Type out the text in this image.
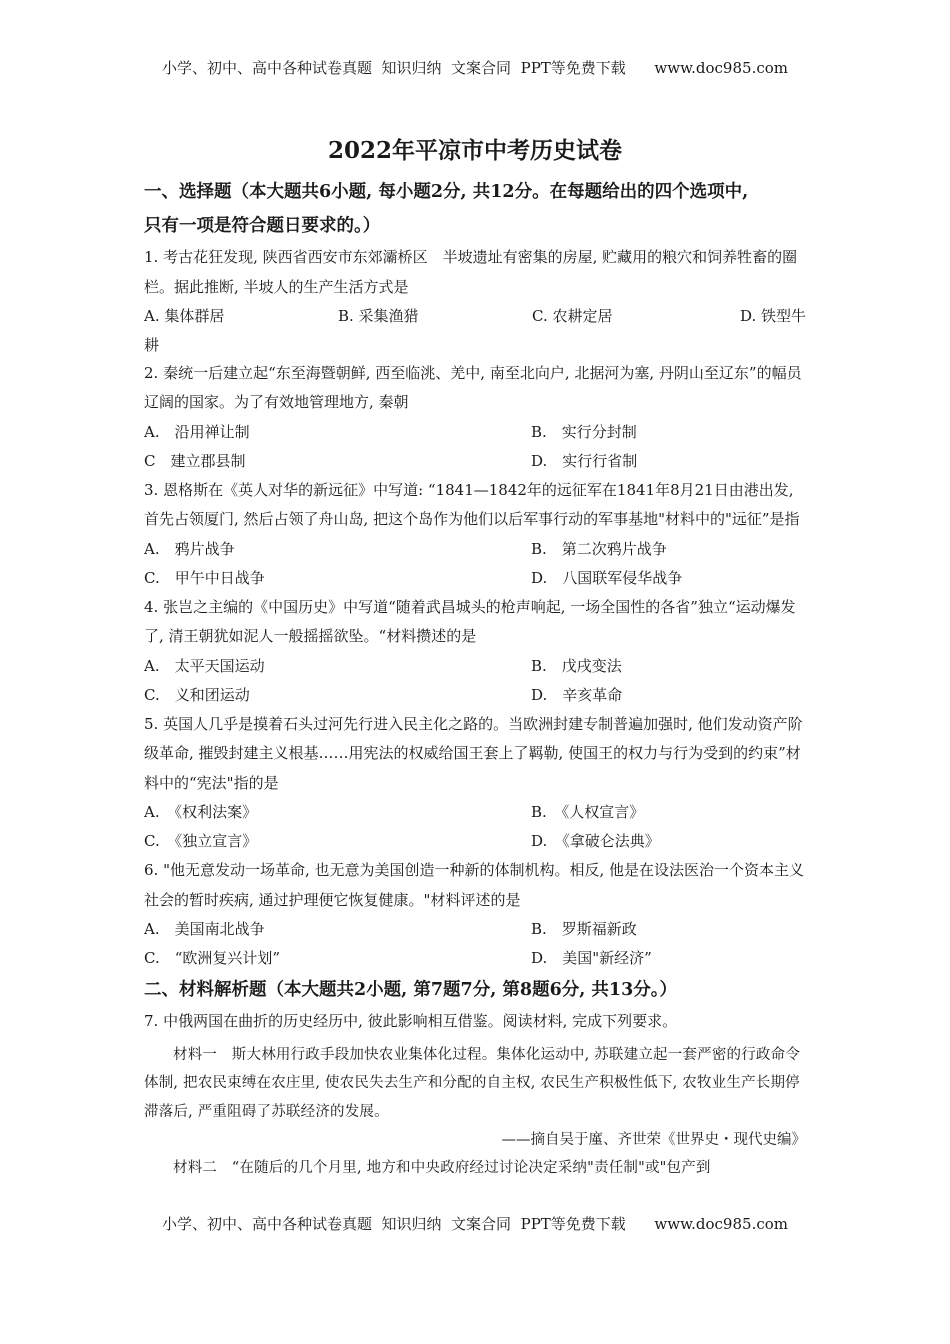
小学、初中、高中各种试卷真题  知识归纳  文案合同  PPT等免费下载      www.doc985.com
2022年平凉市中考历史试卷

一、选择题（本大题共6小题, 每小题2分, 共12分。在每题给出的四个选项中,

只有一项是符合题日要求的。）

1. 考古花狂发现, 陕西省西安市东郊灞桥区　半坡遗址有密集的房屋, 贮藏用的粮穴和饲养牲畜的圈栏。据此推断, 半坡人的生产生活方式是

A. 集体群居	B. 采集渔猎	C. 农耕定居	D. 铁型牛
耕

2. 秦统一后建立起“东至海暨朝鲜, 西至临洮、羌中, 南至北向户, 北据河为塞, 丹阴山至辽东”的幅员辽阔的国家。为了有效地管理地方, 秦朝

A.　沿用禅让制	B.　实行分封制
C　建立郡县制	D.　实行行省制

3. 恩格斯在《英人对华的新远征》中写道: “1841—1842年的远征军在1841年8月21日由港出发, 首先占领厦门, 然后占领了舟山岛, 把这个岛作为他们以后军事行动的军事基地"材料中的"远征”是指

A.　鸦片战争	B.　第二次鸦片战争
C.　甲午中日战争	D.　八国联军侵华战争

4. 张岂之主编的《中国历史》中写道“随着武昌城头的枪声响起, 一场全国性的各省”独立“运动爆发了, 清王朝犹如泥人一般摇摇欲坠。“材料攒述的是

A.　太平天国运动	B.　戊戌变法
C.　义和团运动	D.　辛亥革命

5. 英国人几乎是摸着石头过河先行进入民主化之路的。当欧洲封建专制普遍加强时, 他们发动资产阶级革命, 摧毁封建主义根基……用宪法的权威给国王套上了羁勒, 使国王的权力与行为受到的约束”材料中的“宪法"指的是

A.　《权利法案》	B.　《人权宣言》
C.　《独立宣言》	D.　《拿破仑法典》

6. "他无意发动一场革命, 也无意为美国创造一种新的体制机构。相反, 他是在设法医治一个资本主义社会的暂时疾病, 通过护理便它恢复健康。"材料评述的是

A.　美国南北战争	B.　罗斯福新政
C.　“欧洲复兴计划”	D.　美国"新经济”

二、材料解析题（本大题共2小题, 第7题7分, 第8题6分, 共13分。）

7. 中俄两国在曲折的历史经历中, 彼此影响相互借鉴。阅读材料, 完成下列要求。

材料一　斯大林用行政手段加快农业集体化过程。集体化运动中, 苏联建立起一套严密的行政命令体制, 把农民束缚在农庄里, 使农民失去生产和分配的自主权, 农民生产积极性低下, 农牧业生产长期停滞落后, 严重阻碍了苏联经济的发展。

——摘自吴于廑、齐世荣《世界史・现代史编》

材料二　“在随后的几个月里, 地方和中央政府经过讨论决定采纳"责任制"或"包产到

小学、初中、高中各种试卷真题  知识归纳  文案合同  PPT等免费下载      www.doc985.com
